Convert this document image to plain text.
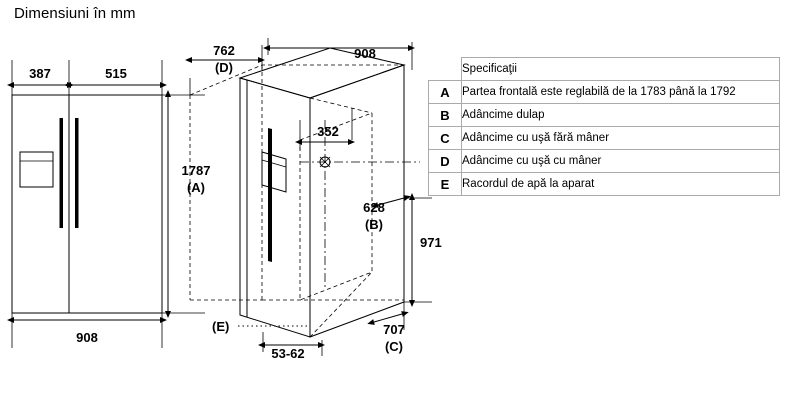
Dimensiuni în mm
387	515
1787
(A)
908
762
(D)
908
352
628
(B)
971
707
(C)
(E)
53-62
	Specificaţii
A	Partea frontală este reglabilă de la 1783 până la 1792
B	Adâncime dulap
C	Adâncime cu uşă fără mâner
D	Adâncime cu uşă cu mâner
E	Racordul de apă la aparat
